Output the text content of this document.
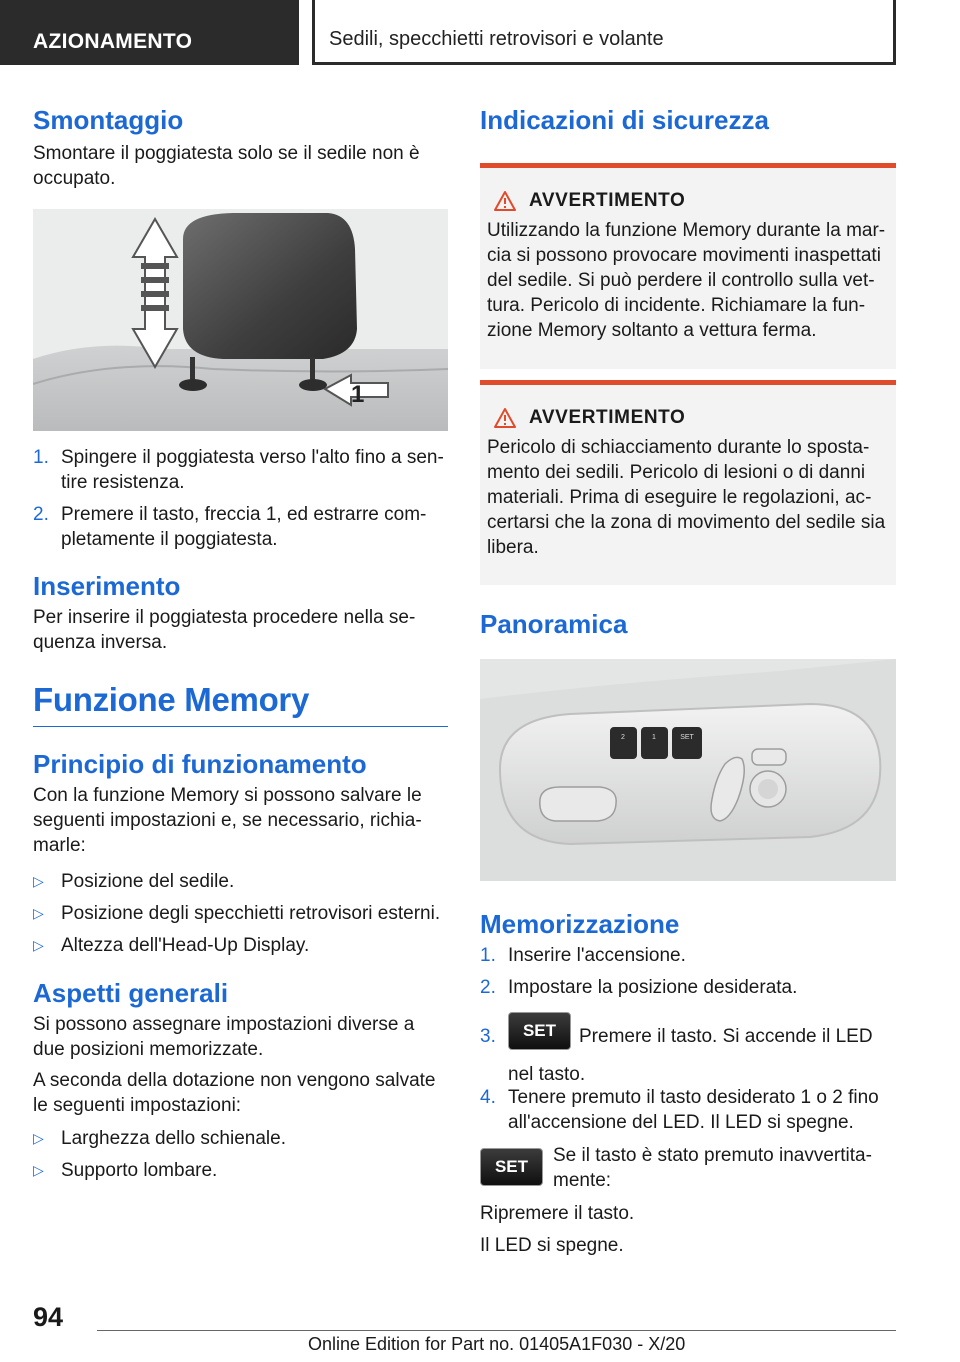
AZIONAMENTO	Sedili, specchietti retrovisori e volante
Smontaggio

Smontare il poggiatesta solo se il sedile non è occupato.

1
1. Spingere il poggiatesta verso l'alto fino a sentire resistenza.
2. Premere il tasto, freccia 1, ed estrarre completamente il poggiatesta.
Inserimento

Per inserire il poggiatesta procedere nella sequenza inversa.

Funzione Memory
Principio di funzionamento

Con la funzione Memory si possono salvare le seguenti impostazioni e, se necessario, richiamarle:

▷ Posizione del sedile.
▷ Posizione degli specchietti retrovisori esterni.
▷ Altezza dell'Head-Up Display.
Aspetti generali

Si possono assegnare impostazioni diverse a due posizioni memorizzate.

A seconda della dotazione non vengono salvate le seguenti impostazioni:

▷ Larghezza dello schienale.
▷ Supporto lombare.
Indicazioni di sicurezza
AVVERTIMENTO

Utilizzando la funzione Memory durante la marcia si possono provocare movimenti inaspettati del sedile. Si può perdere il controllo sulla vettura. Pericolo di incidente. Richiamare la funzione Memory soltanto a vettura ferma.

AVVERTIMENTO

Pericolo di schiacciamento durante lo spostamento dei sedili. Pericolo di lesioni o di danni materiali. Prima di eseguire le regolazioni, accertarsi che la zona di movimento del sedile sia libera.

Panoramica
2	1	SET
Memorizzazione
1. Inserire l'accensione.
2. Impostare la posizione desiderata.
3. SET Premere il tasto. Si accende il LED nel tasto.
4. Tenere premuto il tasto desiderato 1 o 2 fino all'accensione del LED. Il LED si spegne.
SET

Se il tasto è stato premuto inavvertitamente:

Ripremere il tasto.

Il LED si spegne.

94
Online Edition for Part no. 01405A1F030 - X/20
